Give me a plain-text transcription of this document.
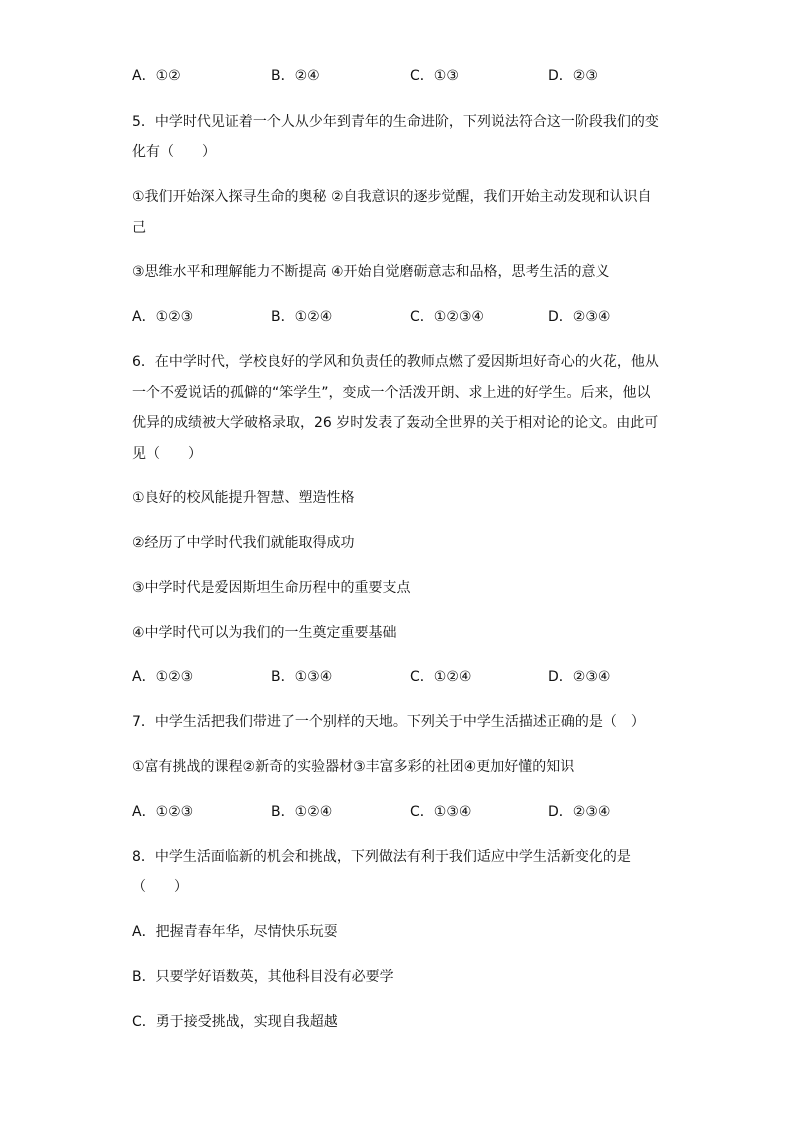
A．①②	B．②④	C．①③	D．②③
5．中学时代见证着一个人从少年到青年的生命进阶，下列说法符合这一阶段我们的变
化有（　　）
①我们开始深入探寻生命的奥秘 ②自我意识的逐步觉醒，我们开始主动发现和认识自
己
③思维水平和理解能力不断提高 ④开始自觉磨砺意志和品格，思考生活的意义
A．①②③	B．①②④	C．①②③④	D．②③④
6．在中学时代，学校良好的学风和负责任的教师点燃了爱因斯坦好奇心的火花，他从
一个不爱说话的孤僻的“笨学生”，变成一个活泼开朗、求上进的好学生。后来，他以
优异的成绩被大学破格录取，26 岁时发表了轰动全世界的关于相对论的论文。由此可
见（　　）
①良好的校风能提升智慧、塑造性格
②经历了中学时代我们就能取得成功
③中学时代是爱因斯坦生命历程中的重要支点
④中学时代可以为我们的一生奠定重要基础
A．①②③	B．①③④	C．①②④	D．②③④
7．中学生活把我们带进了一个别样的天地。下列关于中学生活描述正确的是（　）
①富有挑战的课程②新奇的实验器材③丰富多彩的社团④更加好懂的知识
A．①②③	B．①②④	C．①③④	D．②③④
8．中学生活面临新的机会和挑战，下列做法有利于我们适应中学生活新变化的是
（　　）
A．把握青春年华，尽情快乐玩耍
B．只要学好语数英，其他科目没有必要学
C．勇于接受挑战，实现自我超越
